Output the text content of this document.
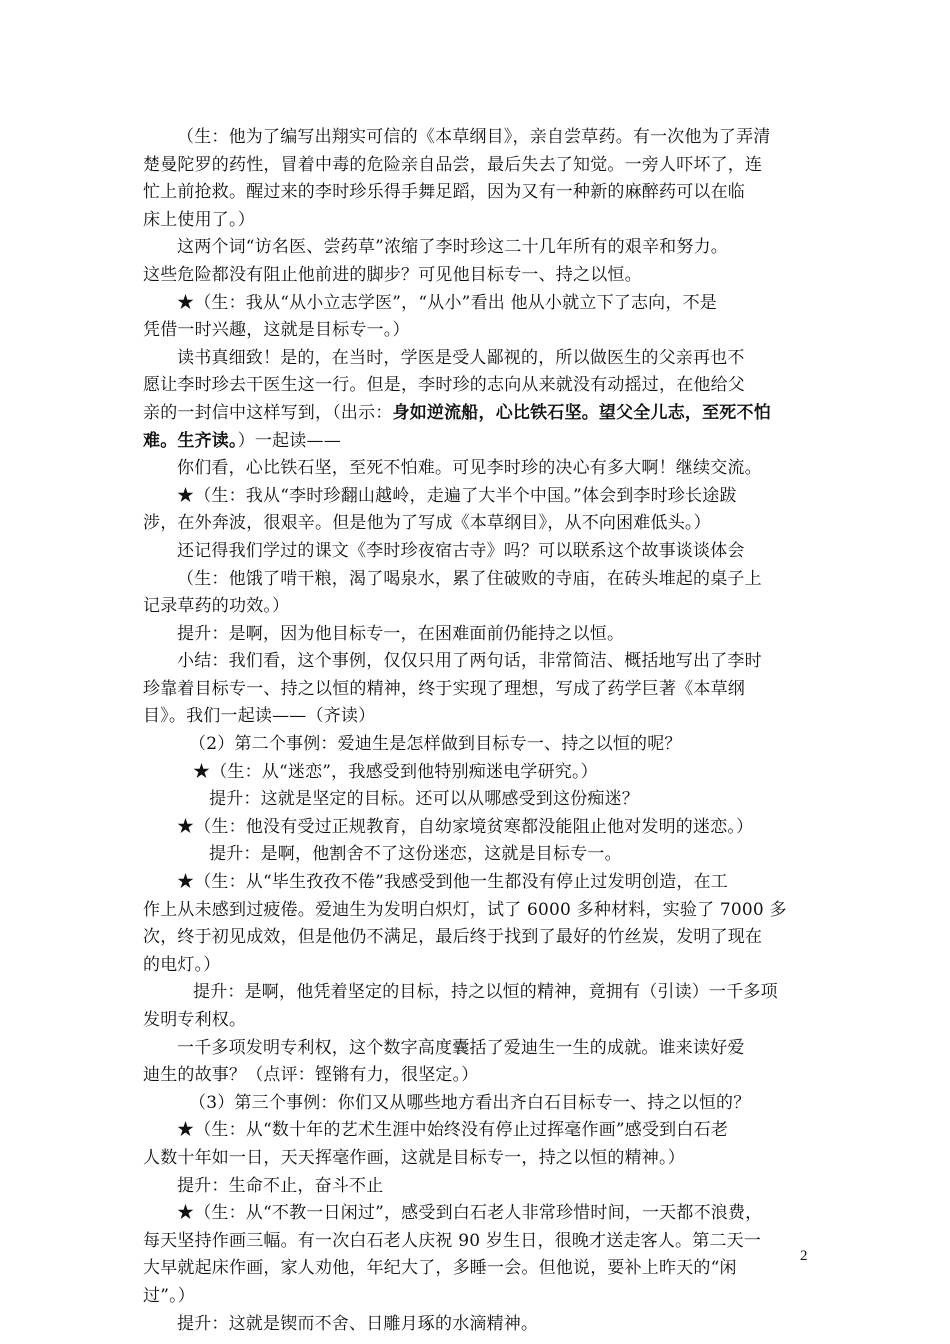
（生：他为了编写出翔实可信的《本草纲目》，亲自尝草药。有一次他为了弄清
楚曼陀罗的药性，冒着中毒的危险亲自品尝，最后失去了知觉。一旁人吓坏了，连
忙上前抢救。醒过来的李时珍乐得手舞足蹈，因为又有一种新的麻醉药可以在临
床上使用了。）
这两个词“访名医、尝药草”浓缩了李时珍这二十几年所有的艰辛和努力。
这些危险都没有阻止他前进的脚步？可见他目标专一、持之以恒。
★（生：我从“从小立志学医”，“从小”看出 他从小就立下了志向，不是
凭借一时兴趣，这就是目标专一。）
读书真细致！是的，在当时，学医是受人鄙视的，所以做医生的父亲再也不
愿让李时珍去干医生这一行。但是，李时珍的志向从来就没有动摇过，在他给父
亲的一封信中这样写到，（出示：身如逆流船，心比铁石坚。望父全儿志，至死不怕
难。生齐读。）一起读——
你们看，心比铁石坚，至死不怕难。可见李时珍的决心有多大啊！继续交流。
★（生：我从“李时珍翻山越岭，走遍了大半个中国。”体会到李时珍长途跋
涉，在外奔波，很艰辛。但是他为了写成《本草纲目》，从不向困难低头。）
还记得我们学过的课文《李时珍夜宿古寺》吗？可以联系这个故事谈谈体会
（生：他饿了啃干粮，渴了喝泉水，累了住破败的寺庙，在砖头堆起的桌子上
记录草药的功效。）
提升：是啊，因为他目标专一，在困难面前仍能持之以恒。
小结：我们看，这个事例，仅仅只用了两句话，非常简洁、概括地写出了李时
珍靠着目标专一、持之以恒的精神，终于实现了理想，写成了药学巨著《本草纲
目》。我们一起读——（齐读）
（2）第二个事例：爱迪生是怎样做到目标专一、持之以恒的呢？
★（生：从“迷恋”，我感受到他特别痴迷电学研究。）
提升：这就是坚定的目标。还可以从哪感受到这份痴迷？
★（生：他没有受过正规教育，自幼家境贫寒都没能阻止他对发明的迷恋。）
提升：是啊，他割舍不了这份迷恋，这就是目标专一。
★（生：从“毕生孜孜不倦”我感受到他一生都没有停止过发明创造，在工
作上从未感到过疲倦。爱迪生为发明白炽灯，试了 6000 多种材料，实验了 7000 多
次，终于初见成效，但是他仍不满足，最后终于找到了最好的竹丝炭，发明了现在
的电灯。）
提升：是啊，他凭着坚定的目标，持之以恒的精神，竟拥有（引读）一千多项
发明专利权。
一千多项发明专利权，这个数字高度囊括了爱迪生一生的成就。谁来读好爱
迪生的故事？（点评：铿锵有力，很坚定。）
（3）第三个事例：你们又从哪些地方看出齐白石目标专一、持之以恒的？
★（生：从“数十年的艺术生涯中始终没有停止过挥毫作画”感受到白石老
人数十年如一日，天天挥毫作画，这就是目标专一，持之以恒的精神。）
提升：生命不止，奋斗不止
★（生：从“不教一日闲过”，感受到白石老人非常珍惜时间，一天都不浪费，
每天坚持作画三幅。有一次白石老人庆祝 90 岁生日，很晚才送走客人。第二天一
大早就起床作画，家人劝他，年纪大了，多睡一会。但他说，要补上昨天的“闲
过”。）
提升：这就是锲而不舍、日雕月琢的水滴精神。
2
